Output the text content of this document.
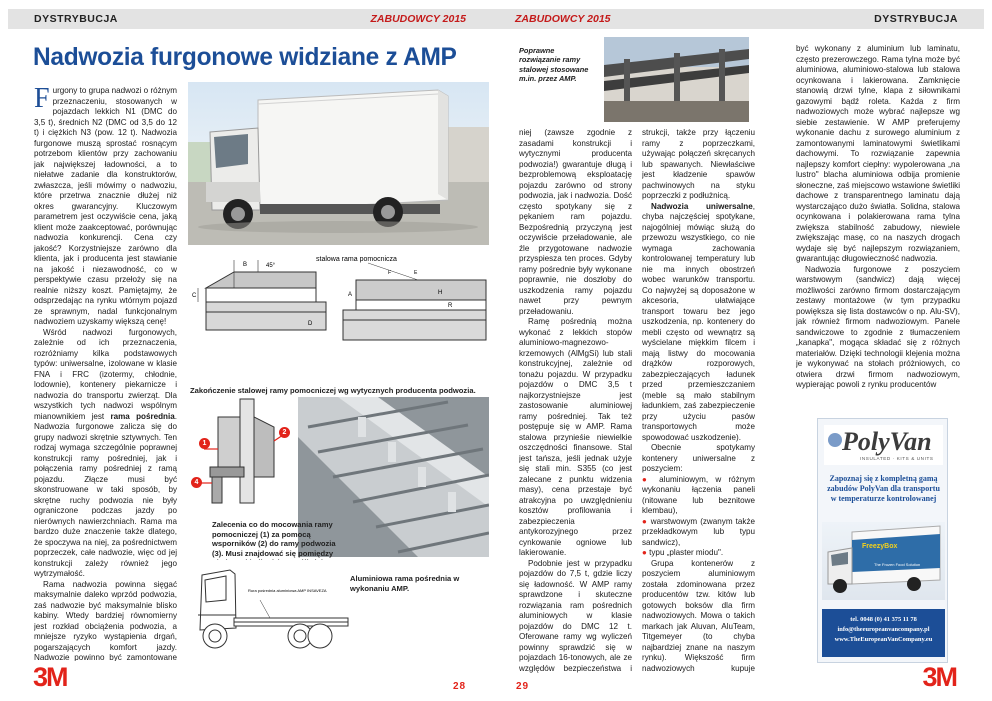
DYSTRYBUCJA	ZABUDOWCY 2015
Nadwozia furgonowe widziane z AMP

Furgony to grupa nadwozi o różnym przeznaczeniu, stosowanych w pojazdach lekkich N1 (DMC do 3,5 t), średnich N2 (DMC od 3,5 do 12 t) i ciężkich N3 (pow. 12 t). Nadwozia furgonowe muszą sprostać rosnącym potrzebom klientów przy zachowaniu jak największej ładowności, a to niełatwe zadanie dla konstruktorów, zwłaszcza, jeśli mówimy o nadwoziu, które przetrwa znacznie dłużej niż okres gwarancyjny. Kluczowym parametrem jest oczywiście cena, jaką klient może zaakceptować, porównując nadwozia konkurencji. Cena czy jakość? Korzystniejsze zarówno dla klienta, jak i producenta jest stawianie na jakość i niezawodność, co w perspektywie czasu przełoży się na realnie niższy koszt. Pamiętajmy, że odsprzedając na rynku wtórnym pojazd ze sprawnym, nadal funkcjonalnym nadwoziem uzyskamy większą cenę!

Wśród nadwozi furgonowych, zależnie od ich przeznaczenia, rozróżniamy kilka podstawowych typów: uniwersalne, izolowane w klasie FNA i FRC (izotermy, chłodnie, lodownie), kontenery piekarnicze i nadwozia do transportu zwierząt. Dla wszystkich tych nadwozi wspólnym mianownikiem jest rama pośrednia. Nadwozia furgonowe zalicza się do grupy nadwozi skrętnie sztywnych. Ten rodzaj wymaga szczególnie poprawnej konstrukcji ramy pośredniej, jak i połączenia ramy pośredniej z ramą pojazdu. Złącze musi być skonstruowane w taki sposób, by skrętne ruchy podwozia nie były ograniczone podczas jazdy po nierównych nawierzchniach. Rama ma bardzo duże znaczenie także dlatego, że spoczywa na niej, za pośrednictwem poprzeczek, całe nadwozie, więc od jej konstrukcji zależy również jego wytrzymałość.

Rama nadwozia powinna sięgać maksymalnie daleko wprzód podwozia, zaś nadwozie być maksymalnie blisko kabiny. Wtedy bardziej równomierny jest rozkład obciążenia podwozia, a mniejsze ryzyko wystąpienia drgań, pogarszających komfort jazdy. Nadwozie powinno być zamontowane

B	45°
C
D
H
R
A
F	E
stalowa rama pomocnicza
Zakończenie stalowej ramy pomocniczej wg wytycznych producenta podwozia.
1
2
4
Zalecenia co do mocowania ramy pomocniczej (1) za pomocą wsporników (2) do ramy podwozia (3). Musi znajdować się pomiędzy
Rura pośrednia aluminiowa AMP INSAVEZA
Aluminiowa rama pośrednia w wykonaniu AMP.
3M	28
ZABUDOWCY 2015	DYSTRYBUCJA
Poprawne rozwiązanie ramy stalowej stosowane m.in. przez AMP.

niej (zawsze zgodnie z zasadami konstrukcji i wytycznymi producenta podwozia!) gwarantuje długą i bezproblemową eksploatację pojazdu zarówno od strony podwozia, jak i nadwozia. Dość często spotykany się z pękaniem ram pojazdu. Bezpośrednią przyczyną jest oczywiście przeładowanie, ale źle przygotowane nadwozie przyspiesza ten proces. Gdyby ramy pośrednie były wykonane poprawnie, nie doszłoby do uszkodzenia ramy pojazdu nawet przy pewnym przeładowaniu.

Ramę pośrednią można wykonać z lekkich stopów aluminiowo-magnezowo-krzemowych (AlMgSi) lub stali konstrukcyjnej, zależnie od tonażu pojazdu. W przypadku pojazdów o DMC 3,5 t najkorzystniejsze jest zastosowanie aluminiowej ramy pośredniej. Tak też postępuje się w AMP. Rama stalowa przynieśie niewielkie oszczędności finansowe. Stal jest tańsza, jeśli jednak użyje się stali min. S355 (co jest zalecane z punktu widzenia masy), cena przestaje być atrakcyjna po uwzględnieniu kosztów profilowania i zabezpieczenia antykorozyjnego przez cynkowanie ogniowe lub lakierowanie.

Podobnie jest w przypadku pojazdów do 7,5 t, gdzie liczy się ładowność. W AMP ramy sprawdzone i skuteczne rozwiązania ram pośrednich aluminiowych w klasie pojazdów do DMC 12 t. Oferowane ramy wg wyliczeń powinny sprawdzić się w pojazdach 16-tonowych, ale ze względów bezpieczeństwa i

strukcji, także przy łączeniu ramy z poprzeczkami, używając połączeń skręcanych lub spawanych. Niewłaściwe jest kładzenie spawów pachwinowych na styku poprzeczki z podłużnicą.

Nadwozia uniwersalne, chyba najczęściej spotykane, najogólniej mówiąc służą do przewozu wszystkiego, co nie wymaga zachowania kontrolowanej temperatury lub nie ma innych obostrzeń wobec warunków transportu. Co najwyżej są doposażone w akcesoria, ułatwiające transport towaru bez jego uszkodzenia, np. kontenery do mebli często od wewnątrz są wyścielane miękkim filcem i mają listwy do mocowania drążków rozporowych, zabezpieczających ładunek przed przemieszczaniem (meble są mało stabilnym ładunkiem, zaś zabezpieczenie przy użyciu pasów transportowych może spowodować uszkodzenie).

Obecnie spotykamy kontenery uniwersalne z poszyciem:

● aluminiowym, w różnym wykonaniu łączenia paneli (nitowane lub beznitowe klembau),

● warstwowym (zwanym także przekładkowym lub typu sandwicz),

● typu „plaster miodu".

Grupa kontenerów z poszyciem aluminiowym została zdominowana przez producentów tzw. kitów lub gotowych boksów dla firm nadwoziowych. Mowa o takich markach jak Aluvan, AluTeam, Titgemeyer (to chyba najbardziej znane na naszym rynku). Większość firm nadwoziowych kupuje

być wykonany z aluminium lub laminatu, często prezerowczego. Rama tylna może być aluminiowa, aluminiowo-stalowa lub stalowa ocynkowana i lakierowana. Zamknięcie stanowią drzwi tylne, klapa z siłownikami gazowymi bądź roleta. Każda z firm nadwoziowych może wybrać najlepsze wg siebie zestawienie. W AMP preferujemy wykonanie dachu z surowego aluminium z zamontowanymi laminatowymi świetlikami dachowymi. To rozwiązanie zapewnia najlepszy komfort ciepłny: wypolerowana „na lustro" blacha aluminiowa odbija promienie słoneczne, zaś miejscowo wstawione świetliki dachowe z transparentnego laminatu dają wystarczająco dużo światła. Solidna, stalowa ocynkowana i polakierowana rama tylna zwiększa stabilność zabudowy, niewiele zwiększając masę, co na naszych drogach wydaje się być najlepszym rozwiązaniem, gwarantując długowieczność nadwozia.

Nadwozia furgonowe z poszyciem warstwowym (sandwicz) dają więcej możliwości zarówno firmom dostarczającym zestawy montażowe (w tym przypadku powiększa się lista dostawców o np. Alu-SV), jak również firmom nadwoziowym. Panele sandwiczowe to zgodnie z tłumaczeniem „kanapka", mogąca składać się z różnych materiałów. Dzięki technologii klejenia można je wykonywać na stołach próżniowych, co otwiera drzwi firmom nadwoziowym, wypierając powoli z rynku producentów

PolyVan
INSULATED · KITS & UNITS
Zapoznaj się z kompletną gamą zabudów PolyVan dla transportu w temperaturze kontrolowanej
FreezyBox
The Frozen Food Solution
tel. 0048 (0) 41 375 11 78
info@theeuropeanvancompany.pl
www.TheEuropeanVanCompany.eu
29	3M
